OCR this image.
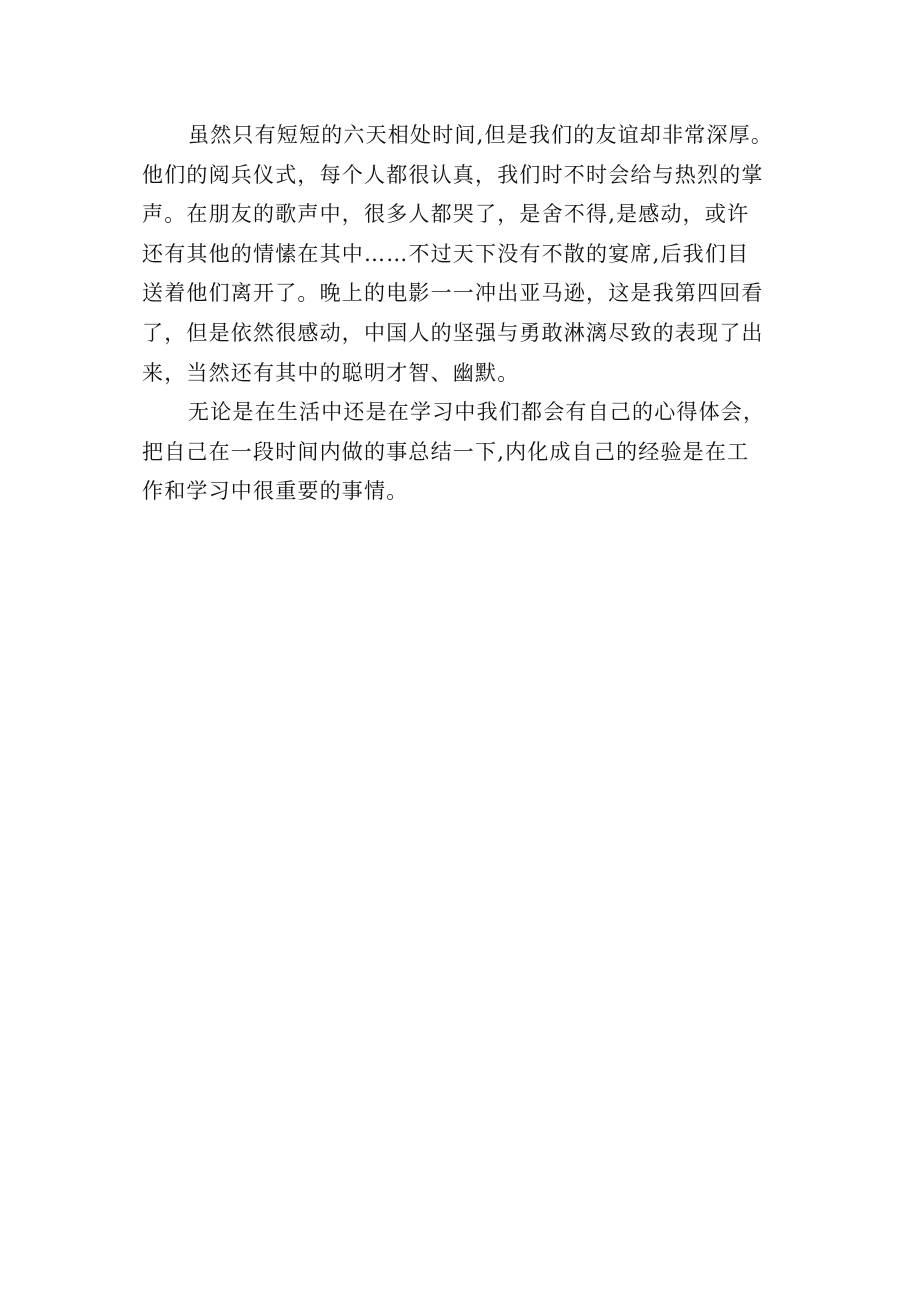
虽然只有短短的六天相处时间,但是我们的友谊却非常深厚。
他们的阅兵仪式，每个人都很认真，我们时不时会给与热烈的掌
声。在朋友的歌声中，很多人都哭了，是舍不得,是感动，或许
还有其他的情愫在其中……不过天下没有不散的宴席,后我们目
送着他们离开了。晚上的电影一一冲出亚马逊，这是我第四回看
了，但是依然很感动，中国人的坚强与勇敢淋漓尽致的表现了出
来，当然还有其中的聪明才智、幽默。
无论是在生活中还是在学习中我们都会有自己的心得体会，
把自己在一段时间内做的事总结一下,内化成自己的经验是在工
作和学习中很重要的事情。
